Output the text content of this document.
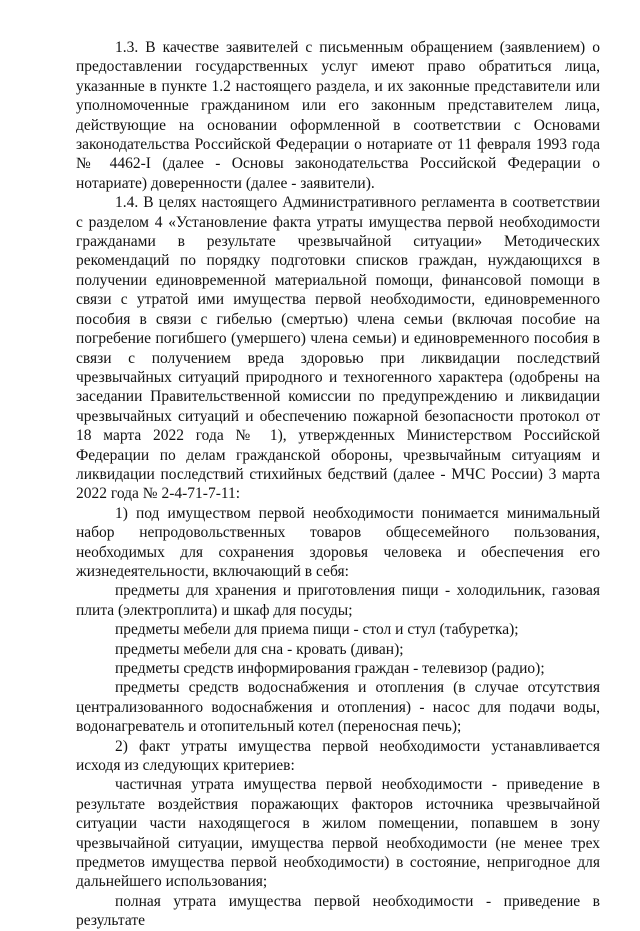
1.3. В качестве заявителей с письменным обращением (заявлением) о предоставлении государственных услуг имеют право обратиться лица, указанные в пункте 1.2 настоящего раздела, и их законные представители или уполномоченные гражданином или его законным представителем лица, действующие на основании оформленной в соответствии с Основами законодательства Российской Федерации о нотариате от 11 февраля 1993 года № 4462-I (далее - Основы законодательства Российской Федерации о нотариате) доверенности (далее - заявители).

1.4. В целях настоящего Административного регламента в соответствии с разделом 4 «Установление факта утраты имущества первой необходимости гражданами в результате чрезвычайной ситуации» Методических рекомендаций по порядку подготовки списков граждан, нуждающихся в получении единовременной материальной помощи, финансовой помощи в связи с утратой ими имущества первой необходимости, единовременного пособия в связи с гибелью (смертью) члена семьи (включая пособие на погребение погибшего (умершего) члена семьи) и единовременного пособия в связи с получением вреда здоровью при ликвидации последствий чрезвычайных ситуаций природного и техногенного характера (одобрены на заседании Правительственной комиссии по предупреждению и ликвидации чрезвычайных ситуаций и обеспечению пожарной безопасности протокол от 18 марта 2022 года № 1), утвержденных Министерством Российской Федерации по делам гражданской обороны, чрезвычайным ситуациям и ликвидации последствий стихийных бедствий (далее - МЧС России) 3 марта 2022 года № 2-4-71-7-11:

1) под имуществом первой необходимости понимается минимальный набор непродовольственных товаров общесемейного пользования, необходимых для сохранения здоровья человека и обеспечения его жизнедеятельности, включающий в себя:

предметы для хранения и приготовления пищи - холодильник, газовая плита (электроплита) и шкаф для посуды;

предметы мебели для приема пищи - стол и стул (табуретка);

предметы мебели для сна - кровать (диван);

предметы средств информирования граждан - телевизор (радио);

предметы средств водоснабжения и отопления (в случае отсутствия централизованного водоснабжения и отопления) - насос для подачи воды, водонагреватель и отопительный котел (переносная печь);

2) факт утраты имущества первой необходимости устанавливается исходя из следующих критериев:

частичная утрата имущества первой необходимости - приведение в результате воздействия поражающих факторов источника чрезвычайной ситуации части находящегося в жилом помещении, попавшем в зону чрезвычайной ситуации, имущества первой необходимости (не менее трех предметов имущества первой необходимости) в состояние, непригодное для дальнейшего использования;

полная утрата имущества первой необходимости - приведение в результате
